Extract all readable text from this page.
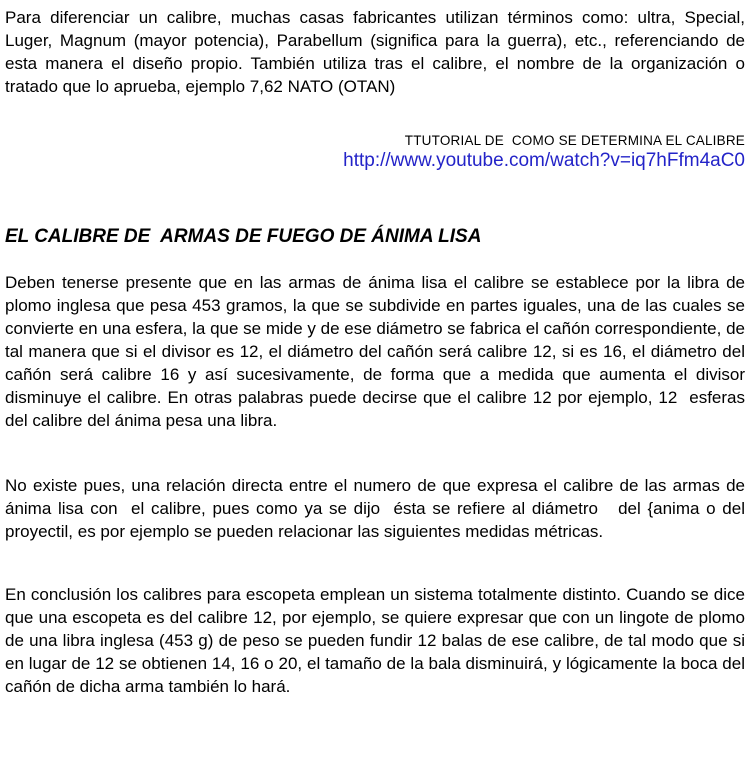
Para diferenciar un calibre, muchas casas fabricantes utilizan términos como: ultra, Special, Luger, Magnum (mayor potencia), Parabellum (significa para la guerra), etc., referenciando de esta manera el diseño propio. También utiliza tras el calibre, el nombre de la organización o tratado que lo aprueba, ejemplo 7,62 NATO (OTAN)

TTUTORIAL DE  COMO SE DETERMINA EL CALIBRE
http://www.youtube.com/watch?v=iq7hFfm4aC0
EL CALIBRE DE  ARMAS DE FUEGO DE ÁNIMA LISA

Deben tenerse presente que en las armas de ánima lisa el calibre se establece por la libra de plomo inglesa que pesa 453 gramos, la que se subdivide en partes iguales, una de las cuales se convierte en una esfera, la que se mide y de ese diámetro se fabrica el cañón correspondiente, de tal manera que si el divisor es 12, el diámetro del cañón será calibre 12, si es 16, el diámetro del cañón será calibre 16 y así sucesivamente, de forma que a medida que aumenta el divisor disminuye el calibre. En otras palabras puede decirse que el calibre 12 por ejemplo, 12  esferas del calibre del ánima pesa una libra.

No existe pues, una relación directa entre el numero de que expresa el calibre de las armas de ánima lisa con  el calibre, pues como ya se dijo  ésta se refiere al diámetro   del {anima o del proyectil, es por ejemplo se pueden relacionar las siguientes medidas métricas.

En conclusión los calibres para escopeta emplean un sistema totalmente distinto. Cuando se dice que una escopeta es del calibre 12, por ejemplo, se quiere expresar que con un lingote de plomo de una libra inglesa (453 g) de peso se pueden fundir 12 balas de ese calibre, de tal modo que si en lugar de 12 se obtienen 14, 16 o 20, el tamaño de la bala disminuirá, y lógicamente la boca del cañón de dicha arma también lo hará.
